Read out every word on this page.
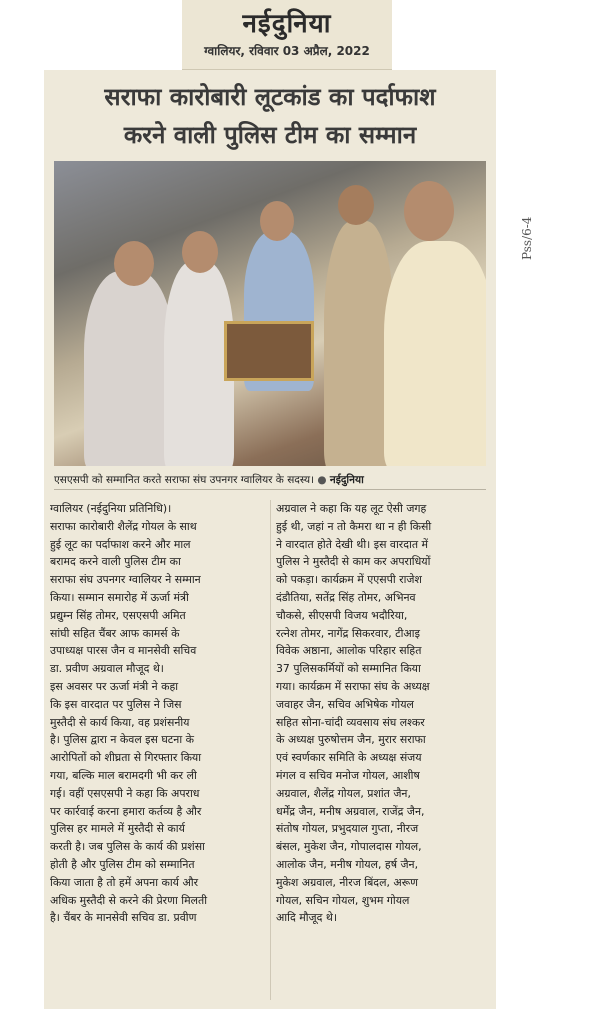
नईदुनिया
ग्वालियर, रविवार 03 अप्रैल, 2022
सराफा कारोबारी लूटकांड का पर्दाफाश
करने वाली पुलिस टीम का सम्मान
एसएसपी को सम्मानित करते सराफा संघ उपनगर ग्वालियर के सदस्य। ● नईदुनिया
ग्वालियर (नईदुनिया प्रतिनिधि)।
सराफा कारोबारी शैलेंद्र गोयल के साथ
हुई लूट का पर्दाफाश करने और माल
बरामद करने वाली पुलिस टीम का
सराफा संघ उपनगर ग्वालियर ने सम्मान
किया। सम्मान समारोह में ऊर्जा मंत्री
प्रद्युम्न सिंह तोमर, एसएसपी अमित
सांघी सहित चैंबर आफ कामर्स के
उपाध्यक्ष पारस जैन व मानसेवी सचिव
डा. प्रवीण अग्रवाल मौजूद थे।
इस अवसर पर ऊर्जा मंत्री ने कहा
कि इस वारदात पर पुलिस ने जिस
मुस्तैदी से कार्य किया, वह प्रशंसनीय
है। पुलिस द्वारा न केवल इस घटना के
आरोपितों को शीघ्रता से गिरफ्तार किया
गया, बल्कि माल बरामदगी भी कर ली
गई। वहीं एसएसपी ने कहा कि अपराध
पर कार्रवाई करना हमारा कर्तव्य है और
पुलिस हर मामले में मुस्तैदी से कार्य
करती है। जब पुलिस के कार्य की प्रशंसा
होती है और पुलिस टीम को सम्मानित
किया जाता है तो हमें अपना कार्य और
अधिक मुस्तैदी से करने की प्रेरणा मिलती
है। चैंबर के मानसेवी सचिव डा. प्रवीण
अग्रवाल ने कहा कि यह लूट ऐसी जगह
हुई थी, जहां न तो कैमरा था न ही किसी
ने वारदात होते देखी थी। इस वारदात में
पुलिस ने मुस्तैदी से काम कर अपराधियों
को पकड़ा। कार्यक्रम में एएसपी राजेश
दंडौतिया, सतेंद्र सिंह तोमर, अभिनव
चौकसे, सीएसपी विजय भदौरिया,
रत्नेश तोमर, नागेंद्र सिकरवार, टीआइ
विवेक अष्ठाना, आलोक परिहार सहित
37 पुलिसकर्मियों को सम्मानित किया
गया। कार्यक्रम में सराफा संघ के अध्यक्ष
जवाहर जैन, सचिव अभिषेक गोयल
सहित सोना-चांदी व्यवसाय संघ लश्कर
के अध्यक्ष पुरुषोत्तम जैन, मुरार सराफा
एवं स्वर्णकार समिति के अध्यक्ष संजय
मंगल व सचिव मनोज गोयल, आशीष
अग्रवाल, शैलेंद्र गोयल, प्रशांत जैन,
धर्मेंद्र जैन, मनीष अग्रवाल, राजेंद्र जैन,
संतोष गोयल, प्रभुदयाल गुप्ता, नीरज
बंसल, मुकेश जैन, गोपालदास गोयल,
आलोक जैन, मनीष गोयल, हर्ष जैन,
मुकेश अग्रवाल, नीरज बिंदल, अरूण
गोयल, सचिन गोयल, शुभम गोयल
आदि मौजूद थे।
Pss/6-4
